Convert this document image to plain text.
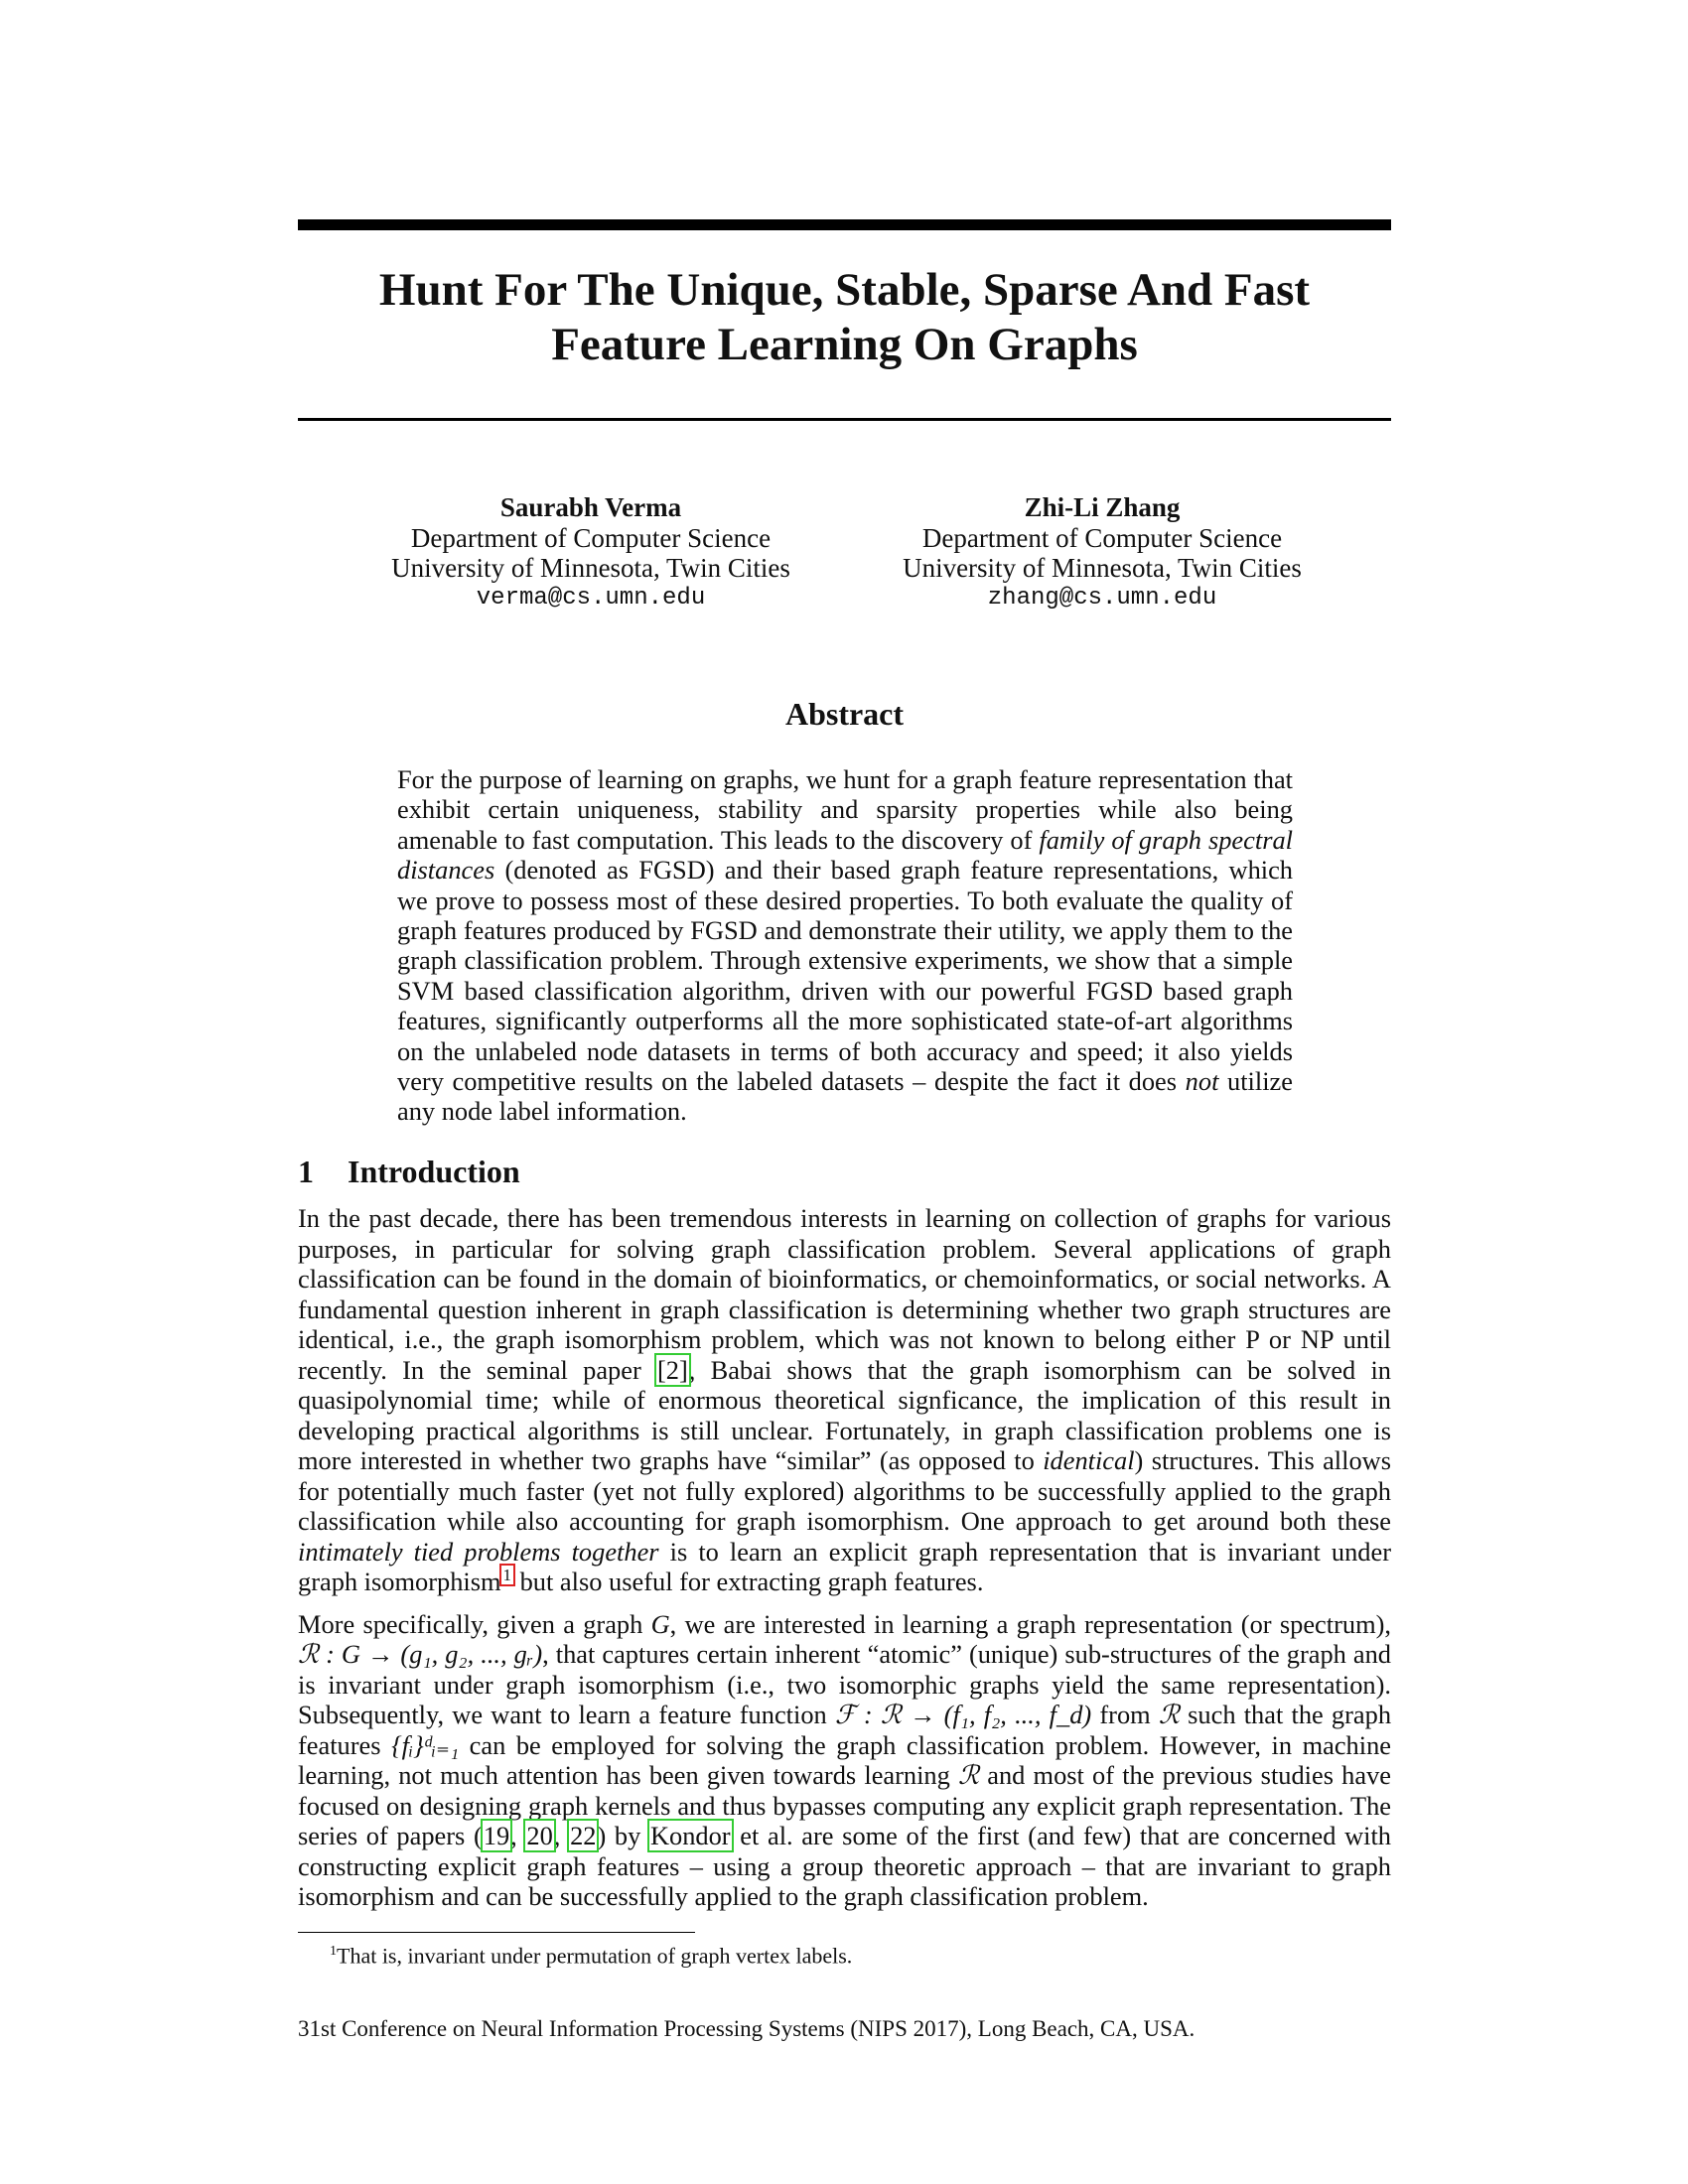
Hunt For The Unique, Stable, Sparse And Fast
Feature Learning On Graphs
Saurabh Verma
Department of Computer Science
University of Minnesota, Twin Cities
verma@cs.umn.edu
Zhi-Li Zhang
Department of Computer Science
University of Minnesota, Twin Cities
zhang@cs.umn.edu
Abstract

For the purpose of learning on graphs, we hunt for a graph feature representation that exhibit certain uniqueness, stability and sparsity properties while also being amenable to fast computation. This leads to the discovery of family of graph spectral distances (denoted as FGSD) and their based graph feature representations, which we prove to possess most of these desired properties. To both evaluate the quality of graph features produced by FGSD and demonstrate their utility, we apply them to the graph classification problem. Through extensive experiments, we show that a simple SVM based classification algorithm, driven with our powerful FGSD based graph features, significantly outperforms all the more sophisticated state-of-art algorithms on the unlabeled node datasets in terms of both accuracy and speed; it also yields very competitive results on the labeled datasets – despite the fact it does not utilize any node label information.

1 Introduction

In the past decade, there has been tremendous interests in learning on collection of graphs for various purposes, in particular for solving graph classification problem. Several applications of graph classification can be found in the domain of bioinformatics, or chemoinformatics, or social networks. A fundamental question inherent in graph classification is determining whether two graph structures are identical, i.e., the graph isomorphism problem, which was not known to belong either P or NP until recently. In the seminal paper [2], Babai shows that the graph isomorphism can be solved in quasipolynomial time; while of enormous theoretical signficance, the implication of this result in developing practical algorithms is still unclear. Fortunately, in graph classification problems one is more interested in whether two graphs have “similar” (as opposed to identical) structures. This allows for potentially much faster (yet not fully explored) algorithms to be successfully applied to the graph classification while also accounting for graph isomorphism. One approach to get around both these intimately tied problems together is to learn an explicit graph representation that is invariant under graph isomorphism $^1$ but also useful for extracting graph features.

More specifically, given a graph G, we are interested in learning a graph representation (or spectrum), ℛ : G → (g₁, g₂, ..., gᵣ), that captures certain inherent “atomic” (unique) sub-structures of the graph and is invariant under graph isomorphism (i.e., two isomorphic graphs yield the same representation). Subsequently, we want to learn a feature function ℱ : ℛ → (f₁, f₂, ..., f_d) from ℛ such that the graph features {fᵢ}ᵈᵢ₌₁ can be employed for solving the graph classification problem. However, in machine learning, not much attention has been given towards learning ℛ and most of the previous studies have focused on designing graph kernels and thus bypasses computing any explicit graph representation. The series of papers (19, 20, 22) by Kondor et al. are some of the first (and few) that are concerned with constructing explicit graph features – using a group theoretic approach – that are invariant to graph isomorphism and can be successfully applied to the graph classification problem.

$^1$That is, invariant under permutation of graph vertex labels.
31st Conference on Neural Information Processing Systems (NIPS 2017), Long Beach, CA, USA.
